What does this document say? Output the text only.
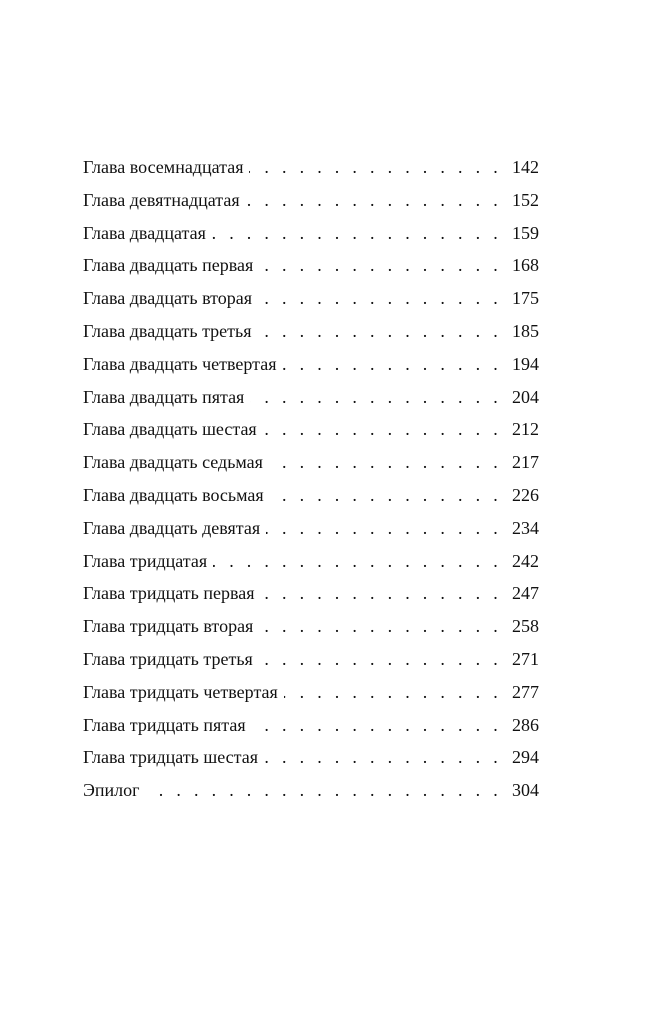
Глава восемнадцатая . . .	142
Глава девятнадцатая . . .	152
Глава двадцатая . . .	159
Глава двадцать первая . . .	168
Глава двадцать вторая . . .	175
Глава двадцать третья . . .	185
Глава двадцать четвертая . . .	194
Глава двадцать пятая . . .	204
Глава двадцать шестая . . .	212
Глава двадцать седьмая . . .	217
Глава двадцать восьмая . . .	226
Глава двадцать девятая . . .	234
Глава тридцатая . . .	242
Глава тридцать первая . . .	247
Глава тридцать вторая . . .	258
Глава тридцать третья . . .	271
Глава тридцать четвертая . . .	277
Глава тридцать пятая . . .	286
Глава тридцать шестая . . .	294
Эпилог . . .	304
